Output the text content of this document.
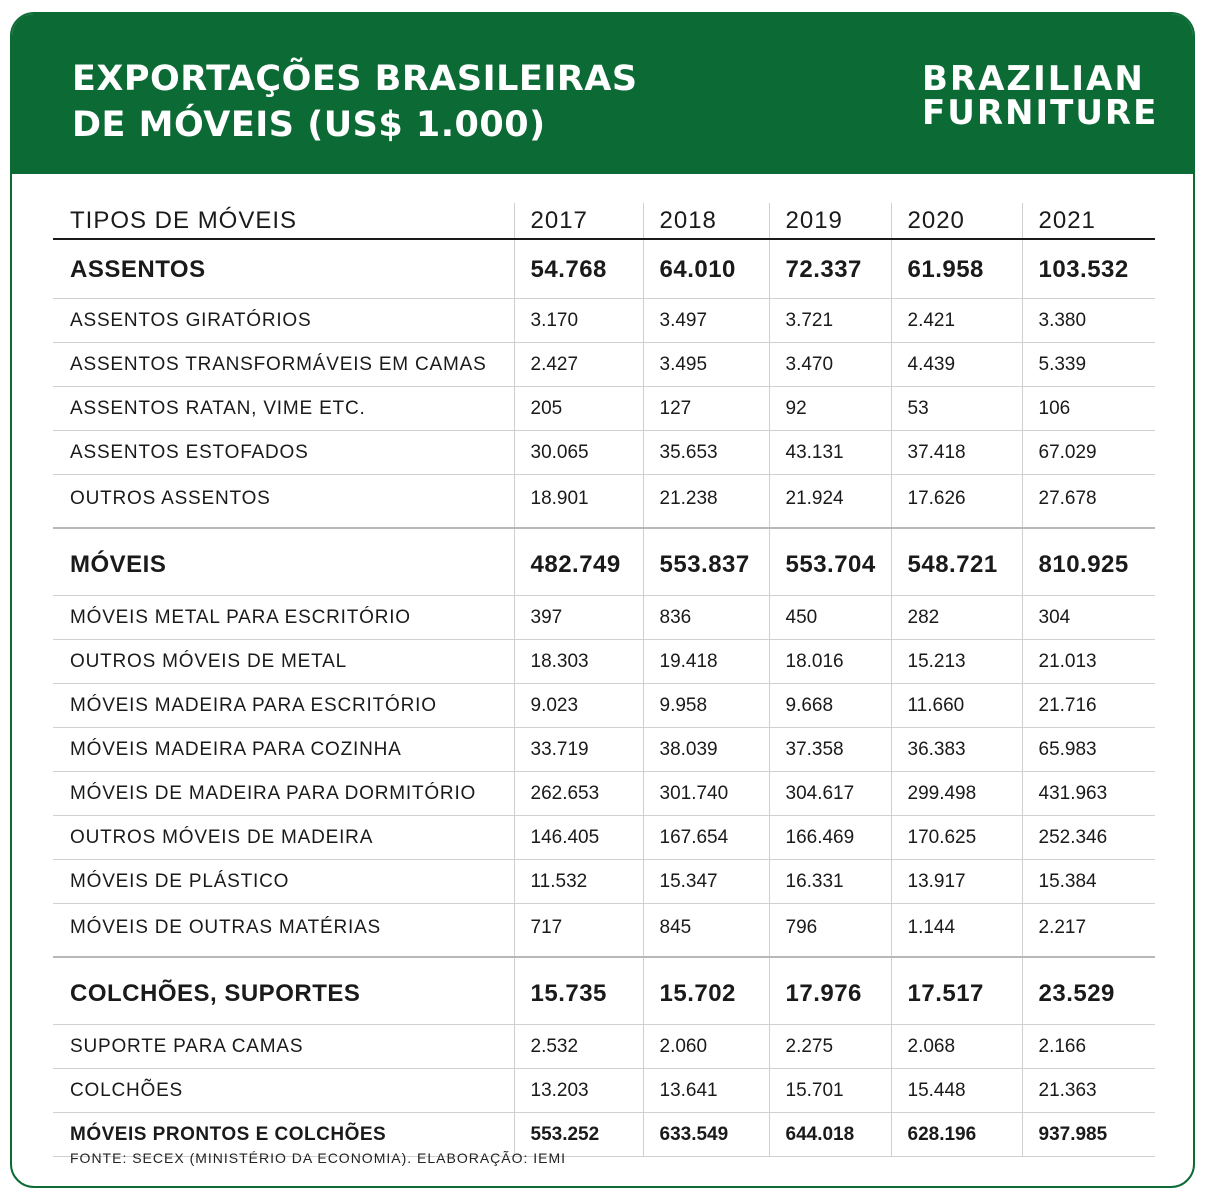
EXPORTAÇÕES BRASILEIRAS
DE MÓVEIS (US$ 1.000)
BRAZILIAN
FURNITURE
TIPOS DE MÓVEIS	2017	2018	2019	2020	2021
ASSENTOS	54.768	64.010	72.337	61.958	103.532
ASSENTOS GIRATÓRIOS	3.170	3.497	3.721	2.421	3.380
ASSENTOS TRANSFORMÁVEIS EM CAMAS	2.427	3.495	3.470	4.439	5.339
ASSENTOS RATAN, VIME ETC.	205	127	92	53	106
ASSENTOS ESTOFADOS	30.065	35.653	43.131	37.418	67.029
OUTROS ASSENTOS	18.901	21.238	21.924	17.626	27.678
MÓVEIS	482.749	553.837	553.704	548.721	810.925
MÓVEIS METAL PARA ESCRITÓRIO	397	836	450	282	304
OUTROS MÓVEIS DE METAL	18.303	19.418	18.016	15.213	21.013
MÓVEIS MADEIRA PARA ESCRITÓRIO	9.023	9.958	9.668	11.660	21.716
MÓVEIS MADEIRA PARA COZINHA	33.719	38.039	37.358	36.383	65.983
MÓVEIS DE MADEIRA PARA DORMITÓRIO	262.653	301.740	304.617	299.498	431.963
OUTROS MÓVEIS DE MADEIRA	146.405	167.654	166.469	170.625	252.346
MÓVEIS DE PLÁSTICO	11.532	15.347	16.331	13.917	15.384
MÓVEIS DE OUTRAS MATÉRIAS	717	845	796	1.144	2.217
COLCHÕES, SUPORTES	15.735	15.702	17.976	17.517	23.529
SUPORTE PARA CAMAS	2.532	2.060	2.275	2.068	2.166
COLCHÕES	13.203	13.641	15.701	15.448	21.363
MÓVEIS PRONTOS E COLCHÕES	553.252	633.549	644.018	628.196	937.985
FONTE: SECEX (MINISTÉRIO DA ECONOMIA). ELABORAÇÃO: IEMI
